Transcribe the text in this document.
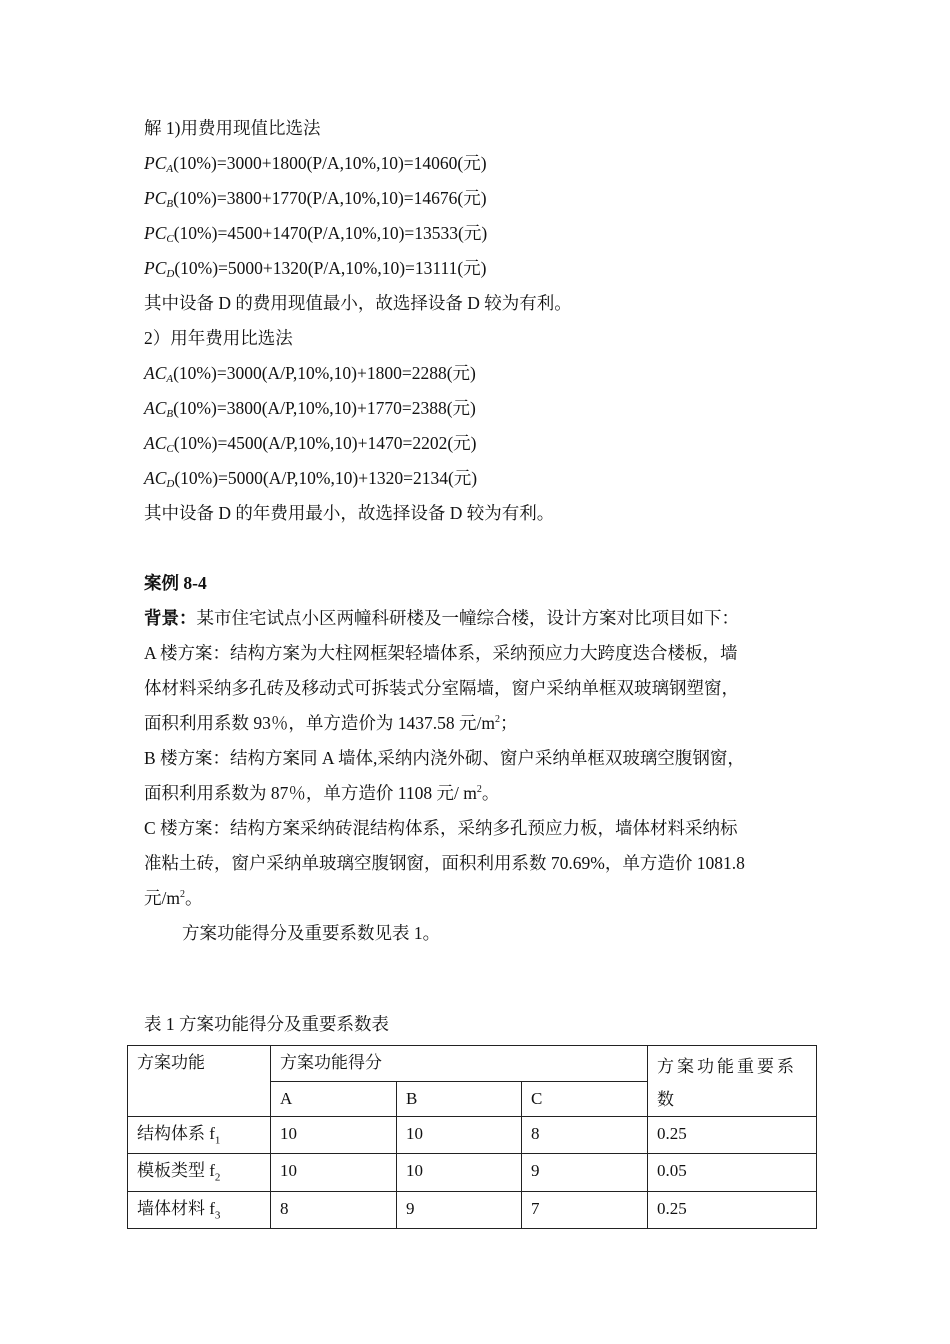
解 1)用费用现值比选法
$PC_A(10\%)=3000+1800(P/A,10\%,10)=14060$(元)
$PC_B(10\%)=3800+1770(P/A,10\%,10)=14676$(元)
$PC_C(10\%)=4500+1470(P/A,10\%,10)=13533$(元)
$PC_D(10\%)=5000+1320(P/A,10\%,10)=13111$(元)
其中设备 D 的费用现值最小，故选择设备 D 较为有利。
2）用年费用比选法
$AC_A(10\%)=3000(A/P,10\%,10)+1800=2288$(元)
$AC_B(10\%)=3800(A/P,10\%,10)+1770=2388$(元)
$AC_C(10\%)=4500(A/P,10\%,10)+1470=2202$(元)
$AC_D(10\%)=5000(A/P,10\%,10)+1320=2134$(元)
其中设备 D 的年费用最小，故选择设备 D 较为有利。
案例 8-4
背景：某市住宅试点小区两幢科研楼及一幢综合楼，设计方案对比项目如下：
A 楼方案：结构方案为大柱网框架轻墙体系，采纳预应力大跨度迭合楼板，墙
体材料采纳多孔砖及移动式可拆装式分室隔墙，窗户采纳单框双玻璃钢塑窗，
面积利用系数 93％，单方造价为 1437.58 元$/m^2$；
B 楼方案：结构方案同 A 墙体,采纳内浇外砌、窗户采纳单框双玻璃空腹钢窗，
面积利用系数为 87％，单方造价 1108 元/ $m^2$。
C 楼方案：结构方案采纳砖混结构体系，采纳多孔预应力板，墙体材料采纳标
准粘土砖，窗户采纳单玻璃空腹钢窗，面积利用系数 70.69%，单方造价 1081.8
元$/m^2$。
方案功能得分及重要系数见表 1。
表 1 方案功能得分及重要系数表
方案功能	方案功能得分			方案功能重要系数
	A	B	C	
结构体系 $f_1$	10	10	8	0.25
模板类型 $f_2$	10	10	9	0.05
墙体材料 $f_3$	8	9	7	0.25
